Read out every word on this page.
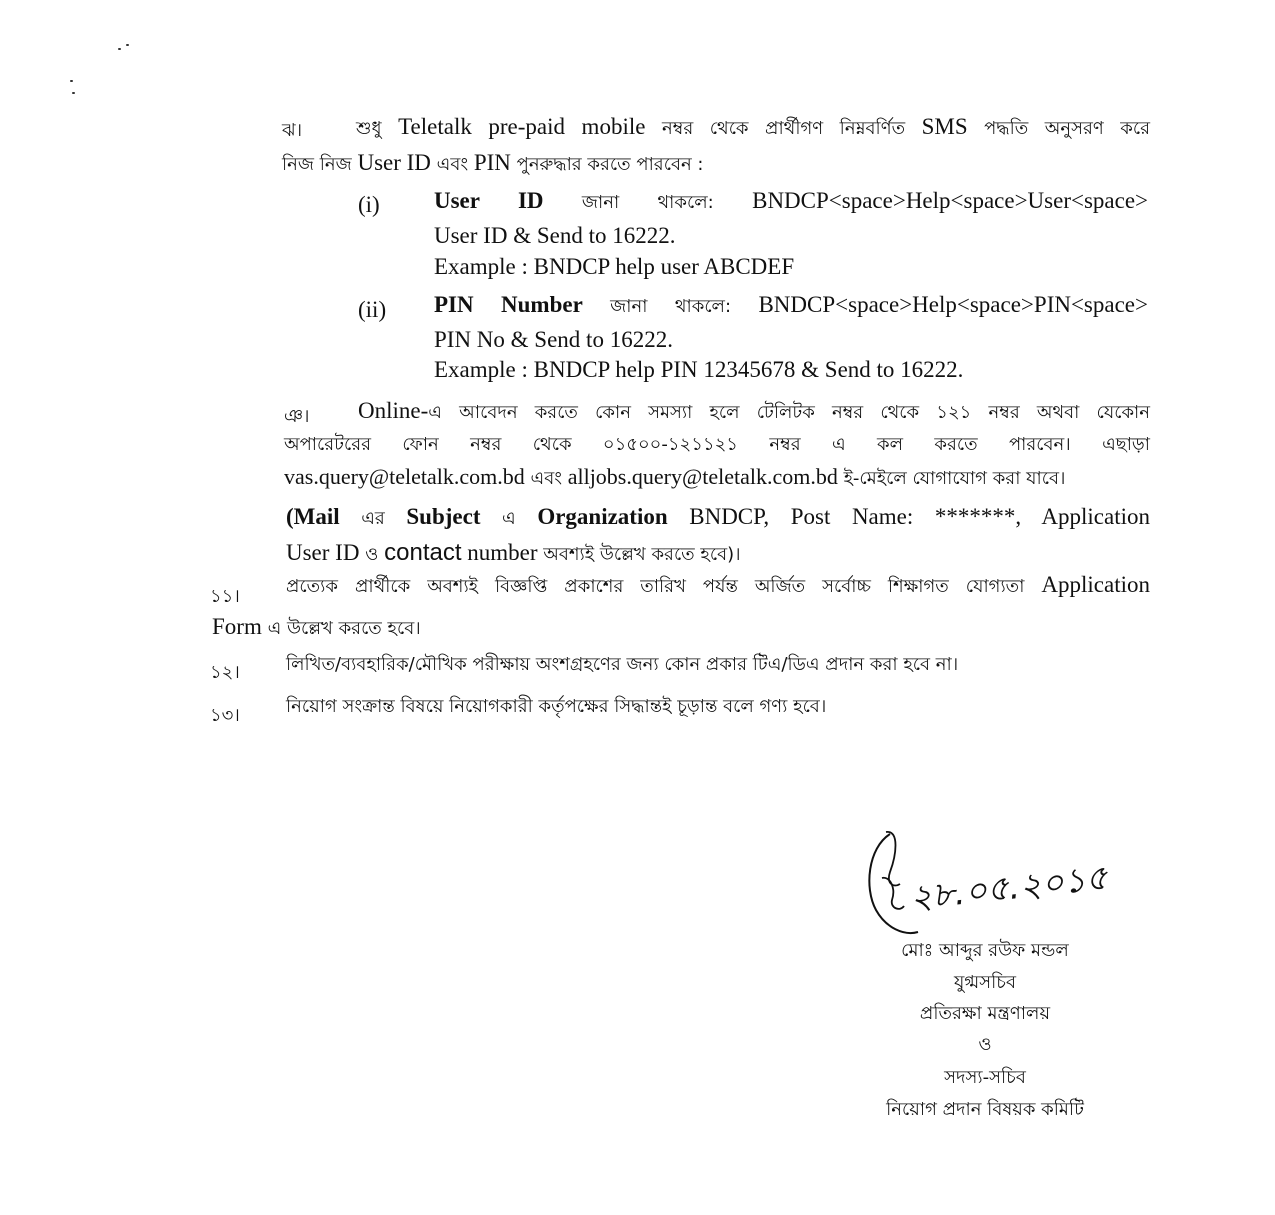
ঝ।	শুধু Teletalk pre-paid mobile নম্বর থেকে প্রার্থীগণ নিম্নবর্ণিত SMS পদ্ধতি অনুসরণ করে
নিজ নিজ User ID এবং PIN পুনরুদ্ধার করতে পারবেন :
(i) User ID জানা থাকলে: BNDCP<space>Help<space>User<space>
User ID & Send to 16222.
Example : BNDCP help user ABCDEF
(ii) PIN Number জানা থাকলে: BNDCP<space>Help<space>PIN<space>
PIN No & Send to 16222.
Example : BNDCP help PIN 12345678 & Send to 16222.
ঞ। Online-এ আবেদন করতে কোন সমস্যা হলে টেলিটক নম্বর থেকে ১২১ নম্বর অথবা যেকোন
অপারেটরের ফোন নম্বর থেকে ০১৫০০-১২১১২১ নম্বর এ কল করতে পারবেন। এছাড়া
vas.query@teletalk.com.bd এবং alljobs.query@teletalk.com.bd ই-মেইলে যোগাযোগ করা যাবে।
(Mail এর Subject এ Organization BNDCP, Post Name: *******, Application
User ID ও contact number অবশ্যই উল্লেখ করতে হবে)।
১১।	প্রত্যেক প্রার্থীকে অবশ্যই বিজ্ঞপ্তি প্রকাশের তারিখ পর্যন্ত অর্জিত সর্বোচ্চ শিক্ষাগত যোগ্যতা Application
Form এ উল্লেখ করতে হবে।
১২।	লিখিত/ব্যবহারিক/মৌখিক পরীক্ষায় অংশগ্রহণের জন্য কোন প্রকার টিএ/ডিএ প্রদান করা হবে না।
১৩।	নিয়োগ সংক্রান্ত বিষয়ে নিয়োগকারী কর্তৃপক্ষের সিদ্ধান্তই চূড়ান্ত বলে গণ্য হবে।
২৮.০৫.২০১৫
মোঃ আব্দুর রউফ মন্ডল
যুগ্মসচিব
প্রতিরক্ষা মন্ত্রণালয়
ও
সদস্য-সচিব
নিয়োগ প্রদান বিষয়ক কমিটি
